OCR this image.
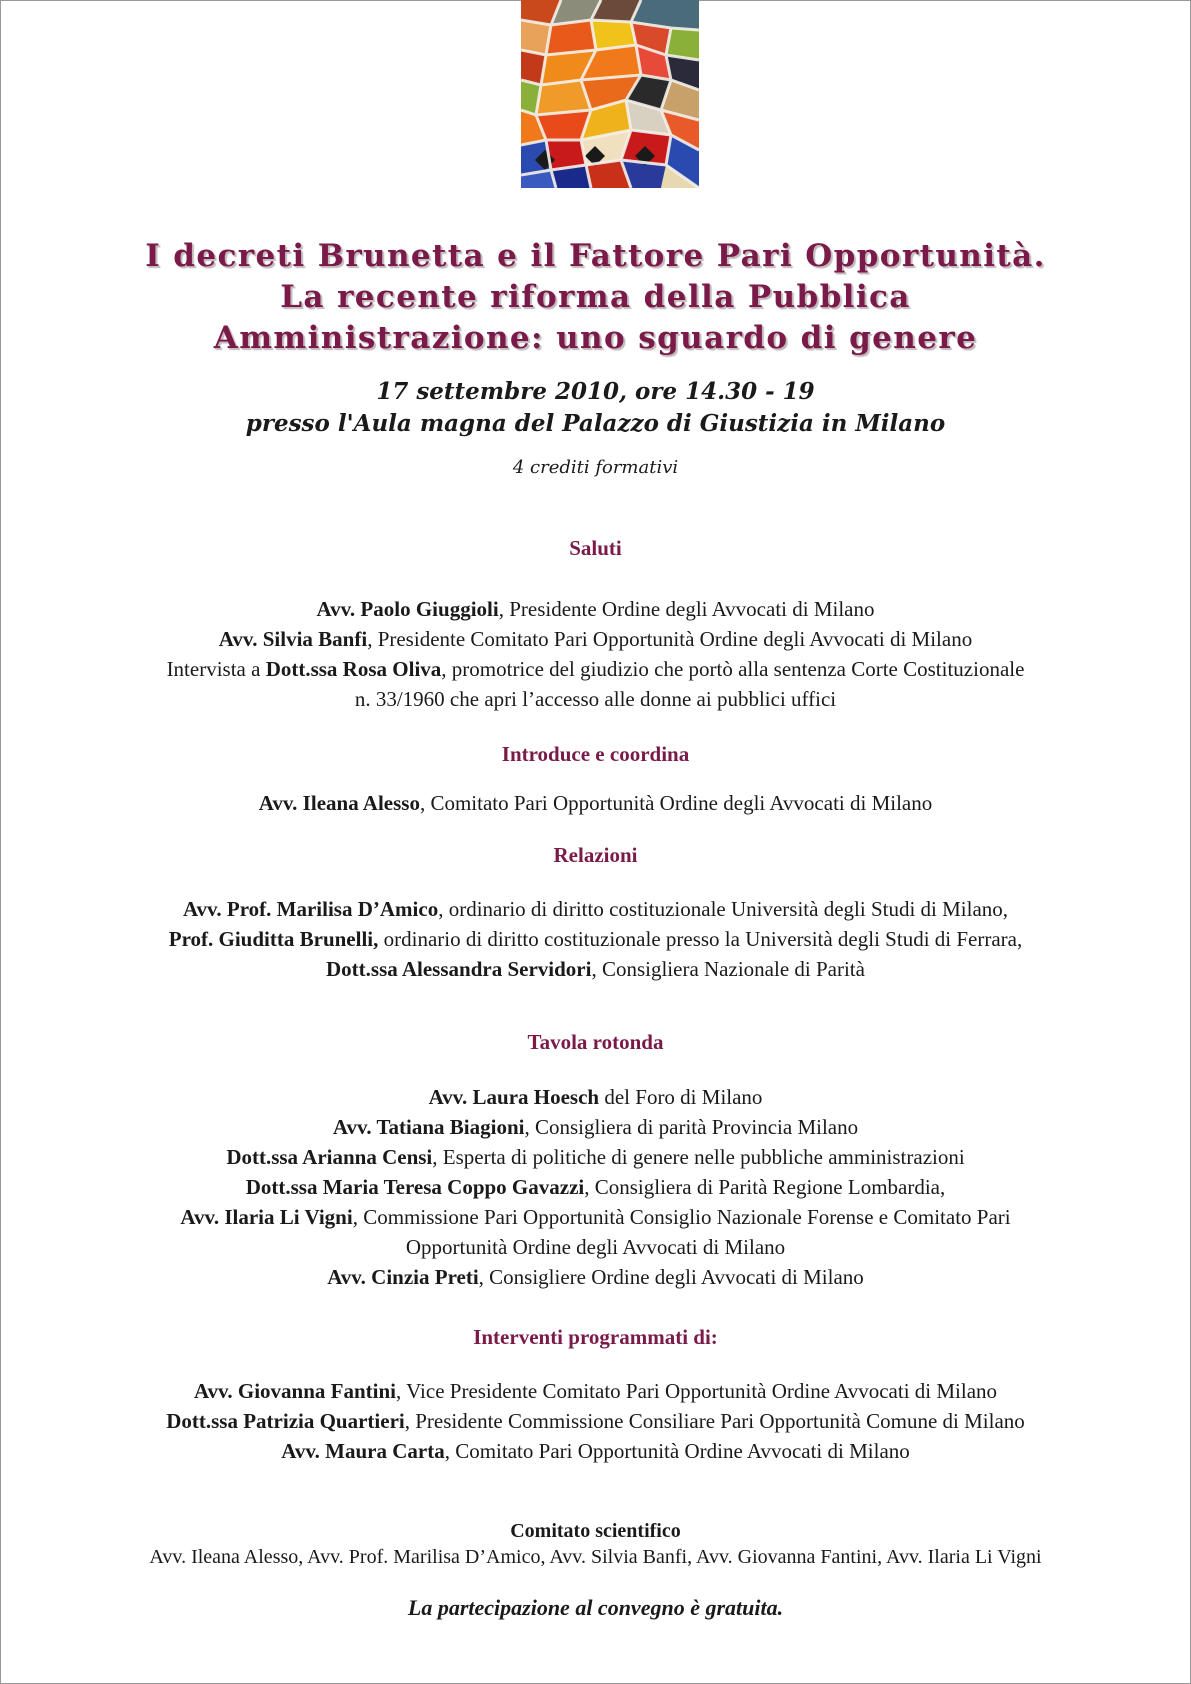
I decreti Brunetta e il Fattore Pari Opportunità.
La recente riforma della Pubblica
Amministrazione: uno sguardo di genere
17 settembre 2010, ore 14.30 - 19
presso l'Aula magna del Palazzo di Giustizia in Milano
4 crediti formativi
Saluti
Avv. Paolo Giuggioli, Presidente Ordine degli Avvocati di Milano
Avv. Silvia Banfi, Presidente Comitato Pari Opportunità Ordine degli Avvocati di Milano
Intervista a Dott.ssa Rosa Oliva, promotrice del giudizio che portò alla sentenza Corte Costituzionale
n. 33/1960 che apri l’accesso alle donne ai pubblici uffici
Introduce e coordina
Avv. Ileana Alesso, Comitato Pari Opportunità Ordine degli Avvocati di Milano
Relazioni
Avv. Prof. Marilisa D’Amico, ordinario di diritto costituzionale Università degli Studi di Milano,
Prof. Giuditta Brunelli, ordinario di diritto costituzionale presso la Università degli Studi di Ferrara,
Dott.ssa Alessandra Servidori, Consigliera Nazionale di Parità
Tavola rotonda
Avv. Laura Hoesch del Foro di Milano
Avv. Tatiana Biagioni, Consigliera di parità Provincia Milano
Dott.ssa Arianna Censi, Esperta di politiche di genere nelle pubbliche amministrazioni
Dott.ssa Maria Teresa Coppo Gavazzi, Consigliera di Parità Regione Lombardia,
Avv. Ilaria Li Vigni, Commissione Pari Opportunità Consiglio Nazionale Forense e Comitato Pari
Opportunità Ordine degli Avvocati di Milano
Avv. Cinzia Preti, Consigliere Ordine degli Avvocati di Milano
Interventi programmati di:
Avv. Giovanna Fantini, Vice Presidente Comitato Pari Opportunità Ordine Avvocati di Milano
Dott.ssa Patrizia Quartieri, Presidente Commissione Consiliare Pari Opportunità Comune di Milano
Avv. Maura Carta, Comitato Pari Opportunità Ordine Avvocati di Milano
Comitato scientifico
Avv. Ileana Alesso, Avv. Prof. Marilisa D’Amico, Avv. Silvia Banfi, Avv. Giovanna Fantini, Avv. Ilaria Li Vigni
La partecipazione al convegno è gratuita.
